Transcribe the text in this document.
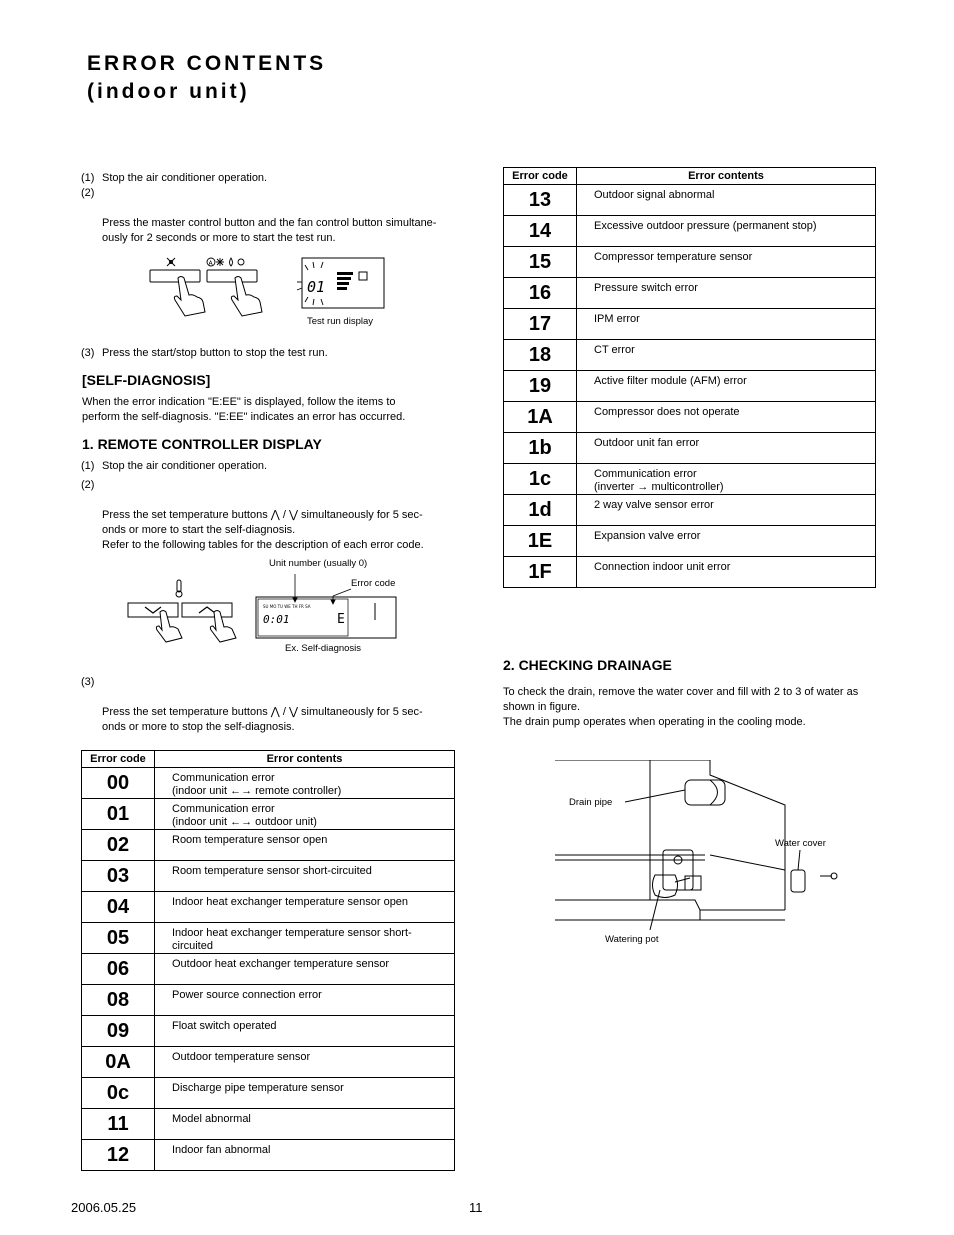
ERROR CONTENTS
(indoor unit)
(1) Stop the air conditioner operation.

(2)

Press the master control button and the fan control button simultane-
ously for 2 seconds or more to start the test run.

A
01
Test run display
(3) Press the start/stop button to stop the test run.
[SELF-DIAGNOSIS]
When the error indication "E:EE" is displayed, follow the items to
perform the self-diagnosis. "E:EE" indicates an error has occurred.
1. REMOTE CONTROLLER DISPLAY
(1) Stop the air conditioner operation.

(2)

Press the set temperature buttons ⋀ / ⋁ simultaneously for 5 sec-
onds or more to start the self-diagnosis.
Refer to the following tables for the description of each error code.

Unit number (usually 0)
Error code
SU MO TU WE TH FR SA
0:01	E
Ex. Self-diagnosis

(3)

Press the set temperature buttons ⋀ / ⋁ simultaneously for 5 sec-
onds or more to stop the self-diagnosis.

Error code	Error contents
00	Communication error
(indoor unit ←→ remote controller)
01	Communication error
(indoor unit ←→ outdoor unit)
02	Room temperature sensor open
03	Room temperature sensor short-circuited
04	Indoor heat exchanger temperature sensor open
05	Indoor heat exchanger temperature sensor short-
circuited
06	Outdoor heat exchanger temperature sensor
08	Power source connection error
09	Float switch operated
0A	Outdoor temperature sensor
0c	Discharge pipe temperature sensor
11	Model abnormal
12	Indoor fan abnormal
Error code	Error contents
13	Outdoor signal abnormal
14	Excessive outdoor pressure (permanent stop)
15	Compressor temperature sensor
16	Pressure switch error
17	IPM error
18	CT error
19	Active filter module (AFM) error
1A	Compressor does not operate
1b	Outdoor unit fan error
1c	Communication error
(inverter → multicontroller)
1d	2 way valve sensor error
1E	Expansion valve error
1F	Connection indoor unit error
2. CHECKING DRAINAGE
To check the drain, remove the water cover and fill with 2 to 3 of water as
shown in figure.
The drain pump operates when operating in the cooling mode.
Drain pipe
Water cover
Watering pot
2006.05.25	11
